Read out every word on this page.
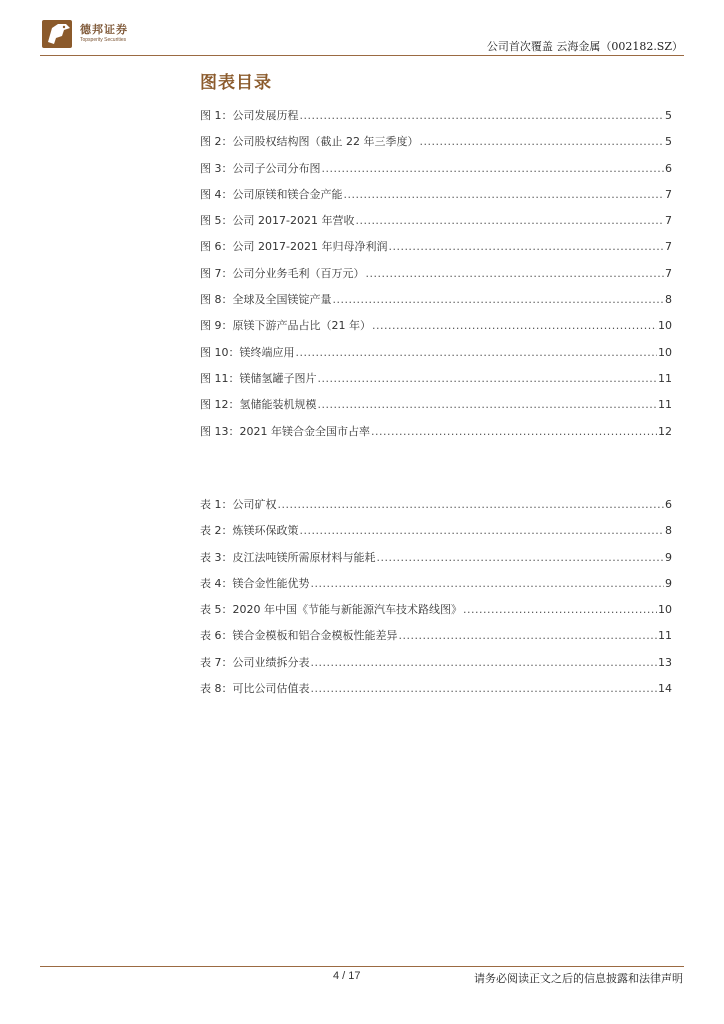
德邦证券
Topsperity Securities	公司首次覆盖 云海金属（002182.SZ）
图表目录
图 1：公司发展历程 .....	5
图 2：公司股权结构图（截止 22 年三季度） .....	5
图 3：公司子公司分布图 .....	6
图 4：公司原镁和镁合金产能 .....	7
图 5：公司 2017-2021 年营收 .....	7
图 6：公司 2017-2021 年归母净利润 .....	7
图 7：公司分业务毛利（百万元） .....	7
图 8：全球及全国镁锭产量 .....	8
图 9：原镁下游产品占比（21 年） .....	10
图 10：镁终端应用 .....	10
图 11：镁储氢罐子图片 .....	11
图 12：氢储能装机规模 .....	11
图 13：2021 年镁合金全国市占率 .....	12
表 1：公司矿权 .....	6
表 2：炼镁环保政策 .....	8
表 3：皮江法吨镁所需原材料与能耗 .....	9
表 4：镁合金性能优势 .....	9
表 5：2020 年中国《节能与新能源汽车技术路线图》 .....	10
表 6：镁合金模板和铝合金模板性能差异 .....	11
表 7：公司业绩拆分表 .....	13
表 8：可比公司估值表 .....	14
4 / 17	请务必阅读正文之后的信息披露和法律声明
